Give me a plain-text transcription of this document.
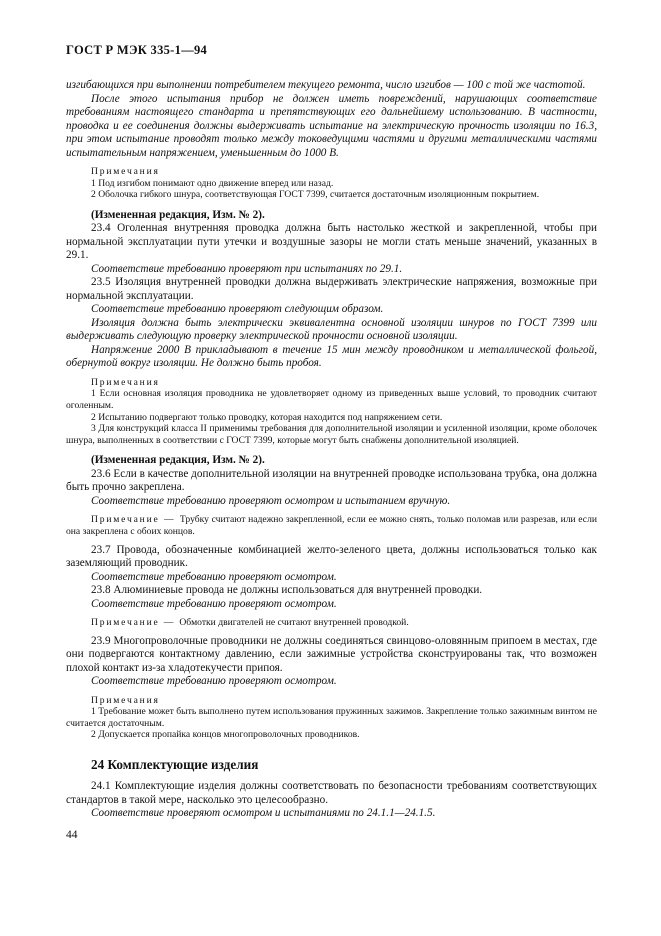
ГОСТ Р МЭК 335-1—94

изгибающихся при выполнении потребителем текущего ремонта, число изгибов — 100 с той же частотой.

После этого испытания прибор не должен иметь повреждений, нарушающих соответствие требованиям настоящего стандарта и препятствующих его дальнейшему использованию. В частности, проводка и ее соединения должны выдерживать испытание на электрическую прочность изоляции по 16.3, при этом испытание проводят только между токоведущими частями и другими металлическими частями испытательным напряжением, уменьшенным до 1000 В.

Примечания

1 Под изгибом понимают одно движение вперед или назад.

2 Оболочка гибкого шнура, соответствующая ГОСТ 7399, считается достаточным изоляционным покрытием.

(Измененная редакция, Изм. № 2).

23.4 Оголенная внутренняя проводка должна быть настолько жесткой и закрепленной, чтобы при нормальной эксплуатации пути утечки и воздушные зазоры не могли стать меньше значений, указанных в 29.1.

Соответствие требованию проверяют при испытаниях по 29.1.

23.5 Изоляция внутренней проводки должна выдерживать электрические напряжения, возможные при нормальной эксплуатации.

Соответствие требованию проверяют следующим образом.

Изоляция должна быть электрически эквивалентна основной изоляции шнуров по ГОСТ 7399 или выдерживать следующую проверку электрической прочности основной изоляции.

Напряжение 2000 В прикладывают в течение 15 мин между проводником и металлической фольгой, обернутой вокруг изоляции. Не должно быть пробоя.

Примечания

1 Если основная изоляция проводника не удовлетворяет одному из приведенных выше условий, то проводник считают оголенным.

2 Испытанию подвергают только проводку, которая находится под напряжением сети.

3 Для конструкций класса II применимы требования для дополнительной изоляции и усиленной изоляции, кроме оболочек шнура, выполненных в соответствии с ГОСТ 7399, которые могут быть снабжены дополнительной изоляцией.

(Измененная редакция, Изм. № 2).

23.6 Если в качестве дополнительной изоляции на внутренней проводке использована трубка, она должна быть прочно закреплена.

Соответствие требованию проверяют осмотром и испытанием вручную.

Примечание — Трубку считают надежно закрепленной, если ее можно снять, только поломав или разрезав, или если она закреплена с обоих концов.

23.7 Провода, обозначенные комбинацией желто-зеленого цвета, должны использоваться только как заземляющий проводник.

Соответствие требованию проверяют осмотром.

23.8 Алюминиевые провода не должны использоваться для внутренней проводки.

Соответствие требованию проверяют осмотром.

Примечание — Обмотки двигателей не считают внутренней проводкой.

23.9 Многопроволочные проводники не должны соединяться свинцово-оловянным припоем в местах, где они подвергаются контактному давлению, если зажимные устройства сконструированы так, что возможен плохой контакт из-за хладотекучести припоя.

Соответствие требованию проверяют осмотром.

Примечания

1 Требование может быть выполнено путем использования пружинных зажимов. Закрепление только зажимным винтом не считается достаточным.

2 Допускается пропайка концов многопроволочных проводников.

24 Комплектующие изделия

24.1 Комплектующие изделия должны соответствовать по безопасности требованиям соответствующих стандартов в такой мере, насколько это целесообразно.

Соответствие проверяют осмотром и испытаниями по 24.1.1—24.1.5.

44
